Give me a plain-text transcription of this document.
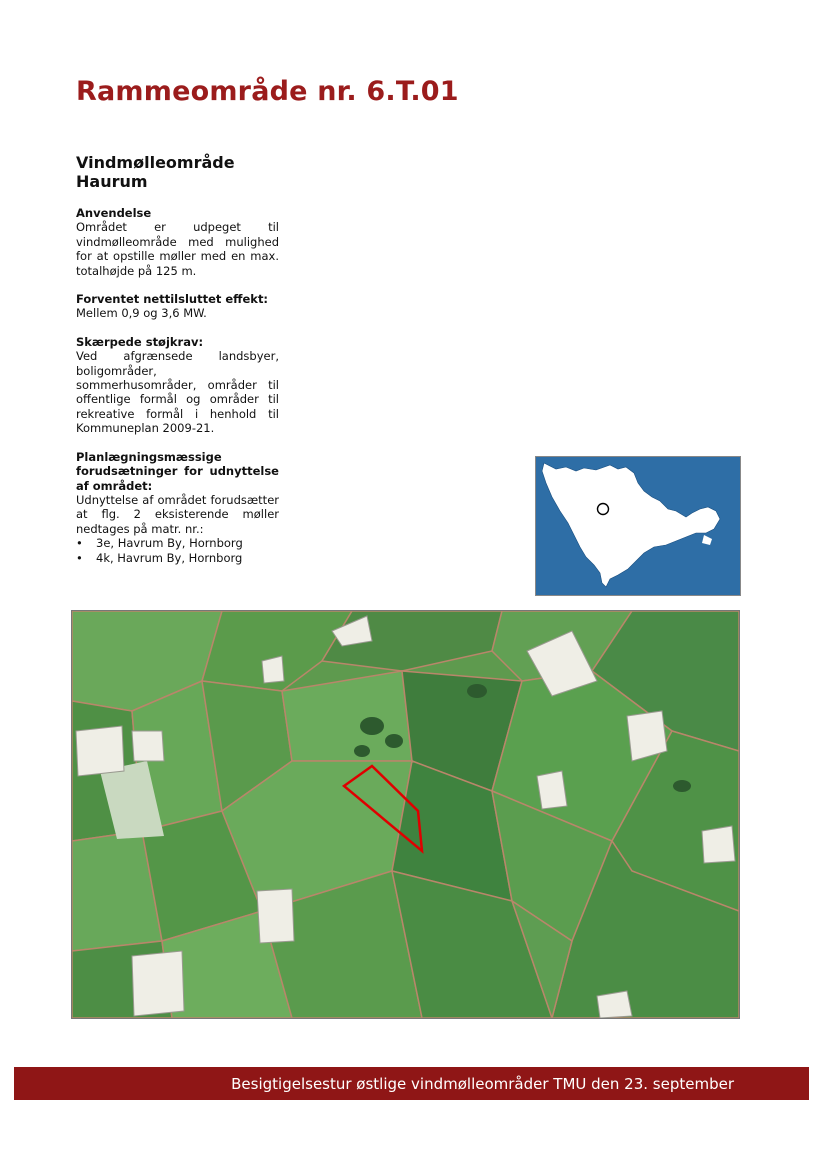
Rammeområde nr. 6.T.01
Vindmølleområde
Haurum
Anvendelse

Området er udpeget til vindmølleområde med mulighed for at opstille møller med en max. totalhøjde på 125 m.

Forventet nettilsluttet effekt:

Mellem 0,9 og 3,6 MW.

Skærpede støjkrav:

Ved afgrænsede landsbyer, boligområder, sommerhusområder, områder til offentlige formål og områder til rekreative formål i henhold til Kommuneplan 2009-21.

Planlægningsmæssige forudsætninger for udnyttelse af området:

Udnyttelse af området forudsætter at flg. 2 eksisterende møller nedtages på matr. nr.:

• 3e, Havrum By, Hornborg
• 4k, Havrum By, Hornborg
Besigtigelsestur østlige vindmølleområder TMU den 23. september
